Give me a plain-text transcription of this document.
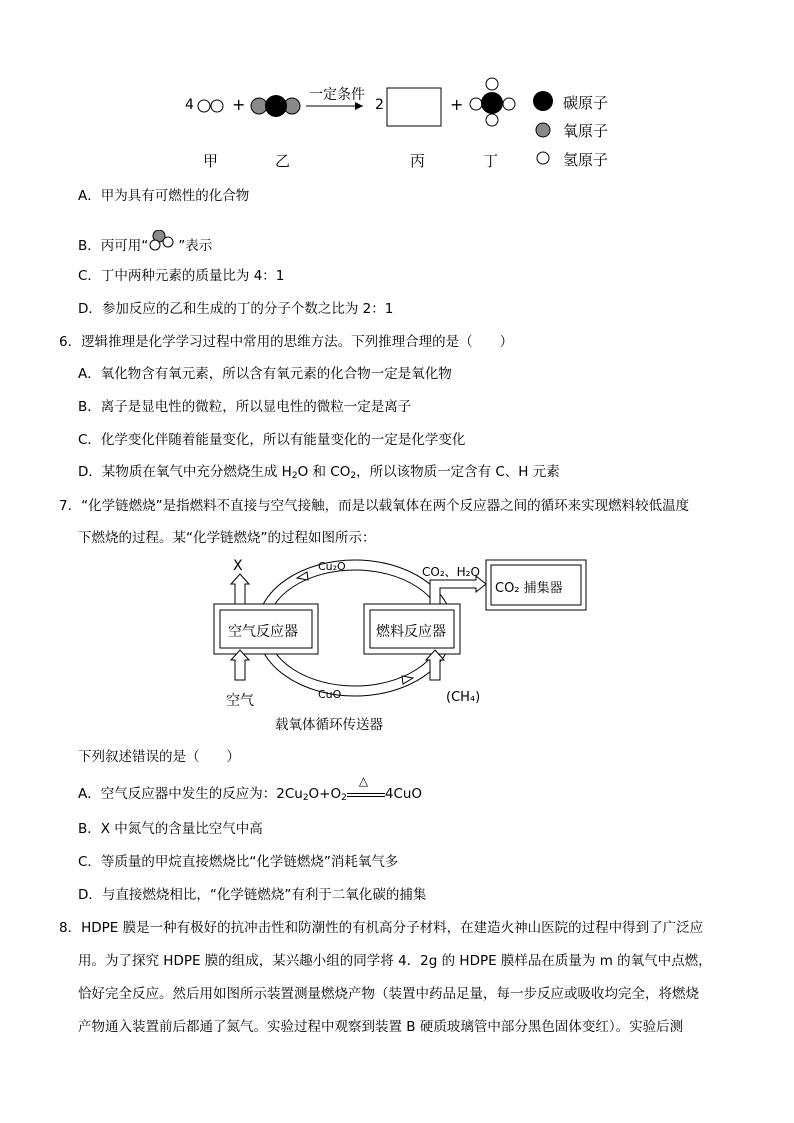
4 +	一定条件
2	+
甲	乙	丙	丁
碳原子
氧原子
氢原子
A．甲为具有可燃性的化合物
B．丙可用“ ”表示
C．丁中两种元素的质量比为 4：1
D．参加反应的乙和生成的丁的分子个数之比为 2：1
6．逻辑推理是化学学习过程中常用的思维方法。下列推理合理的是（　　）
A．氧化物含有氧元素，所以含有氧元素的化合物一定是氧化物
B．离子是显电性的微粒，所以显电性的微粒一定是离子
C．化学变化伴随着能量变化，所以有能量变化的一定是化学变化
D．某物质在氧气中充分燃烧生成 $H_2O$ 和 $CO_2$，所以该物质一定含有 C、H 元素
7．“化学链燃烧”是指燃料不直接与空气接触，而是以载氧体在两个反应器之间的循环来实现燃料较低温度
下燃烧的过程。某“化学链燃烧”的过程如图所示：
X	Cu₂O
CuO
空气反应器	燃料反应器
CO₂、H₂O
CO₂ 捕集器
空气	(CH₄)
载氧体循环传送器
下列叙述错误的是（　　）
A．空气反应器中发生的反应为：$2Cu_2O+O_2$
△
4CuO
B．X 中氮气的含量比空气中高
C．等质量的甲烷直接燃烧比“化学链燃烧”消耗氧气多
D．与直接燃烧相比，“化学链燃烧”有利于二氧化碳的捕集
8．HDPE 膜是一种有极好的抗冲击性和防潮性的有机高分子材料，在建造火神山医院的过程中得到了广泛应
用。为了探究 HDPE 膜的组成，某兴趣小组的同学将 4．2g 的 HDPE 膜样品在质量为 m 的氧气中点燃，
恰好完全反应。然后用如图所示装置测量燃烧产物（装置中药品足量，每一步反应或吸收均完全，将燃烧
产物通入装置前后都通了氮气。实验过程中观察到装置 B 硬质玻璃管中部分黑色固体变红）。实验后测
